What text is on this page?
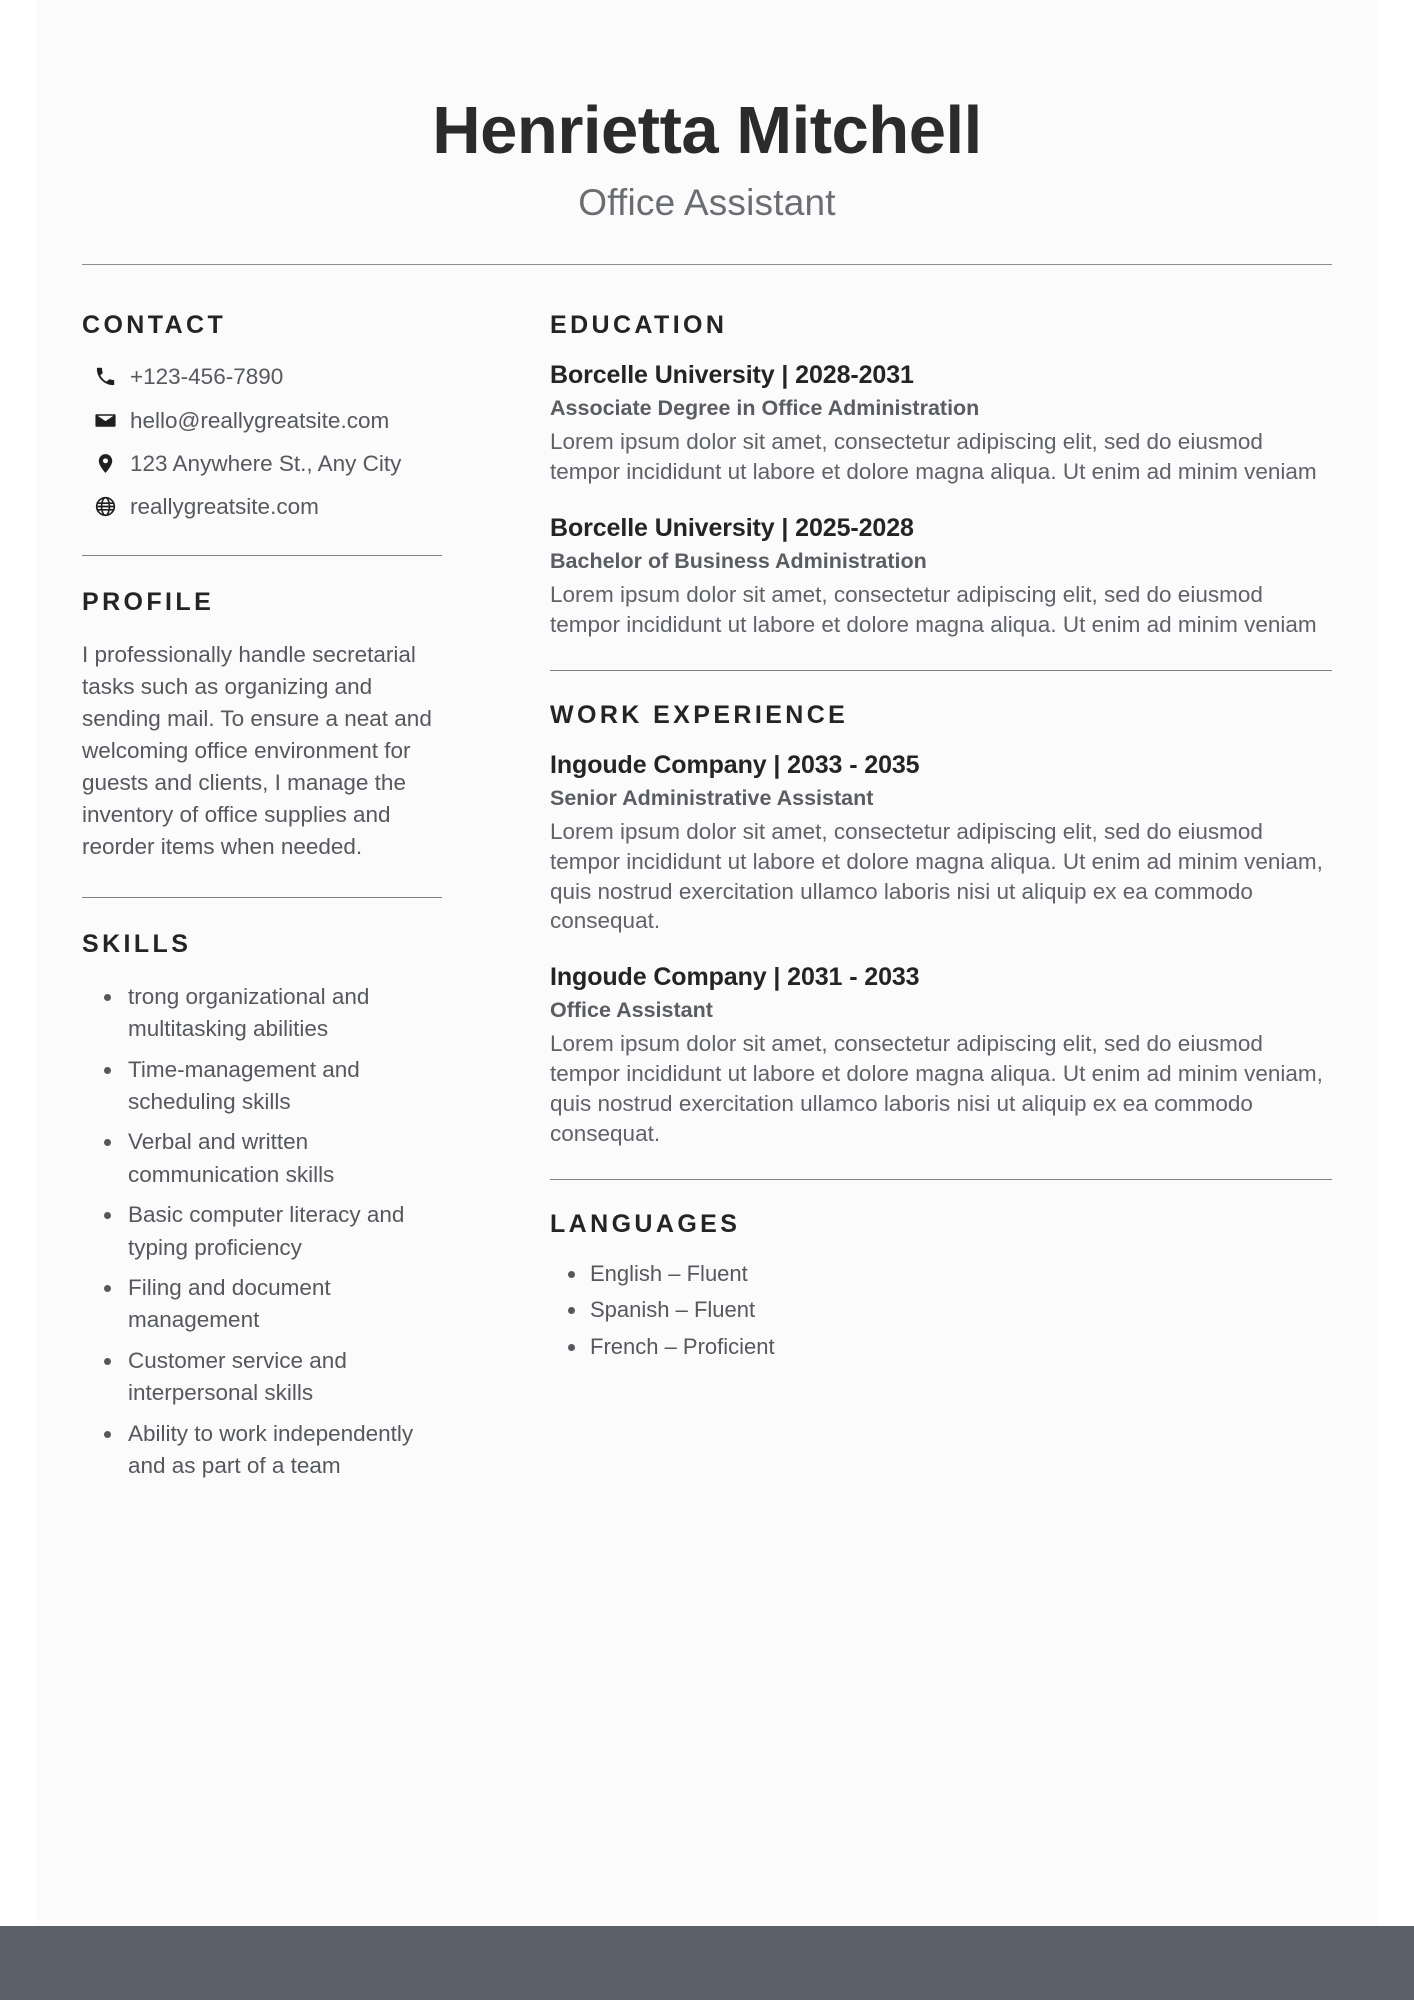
Henrietta Mitchell
Office Assistant
CONTACT
+123-456-7890
hello@reallygreatsite.com
123 Anywhere St., Any City
reallygreatsite.com
PROFILE

I professionally handle secretarial tasks such as organizing and sending mail. To ensure a neat and welcoming office environment for guests and clients, I manage the inventory of office supplies and reorder items when needed.

SKILLS
trong organizational and multitasking abilities
Time-management and scheduling skills
Verbal and written communication skills
Basic computer literacy and typing proficiency
Filing and document management
Customer service and interpersonal skills
Ability to work independently and as part of a team
EDUCATION
Borcelle University | 2028-2031
Associate Degree in Office Administration

Lorem ipsum dolor sit amet, consectetur adipiscing elit, sed do eiusmod tempor incididunt ut labore et dolore magna aliqua. Ut enim ad minim veniam

Borcelle University | 2025-2028
Bachelor of Business Administration

Lorem ipsum dolor sit amet, consectetur adipiscing elit, sed do eiusmod tempor incididunt ut labore et dolore magna aliqua. Ut enim ad minim veniam

WORK EXPERIENCE
Ingoude Company | 2033 - 2035
Senior Administrative Assistant

Lorem ipsum dolor sit amet, consectetur adipiscing elit, sed do eiusmod tempor incididunt ut labore et dolore magna aliqua. Ut enim ad minim veniam, quis nostrud exercitation ullamco laboris nisi ut aliquip ex ea commodo consequat.

Ingoude Company | 2031 - 2033
Office Assistant

Lorem ipsum dolor sit amet, consectetur adipiscing elit, sed do eiusmod tempor incididunt ut labore et dolore magna aliqua. Ut enim ad minim veniam, quis nostrud exercitation ullamco laboris nisi ut aliquip ex ea commodo consequat.

LANGUAGES
English – Fluent
Spanish – Fluent
French – Proficient
